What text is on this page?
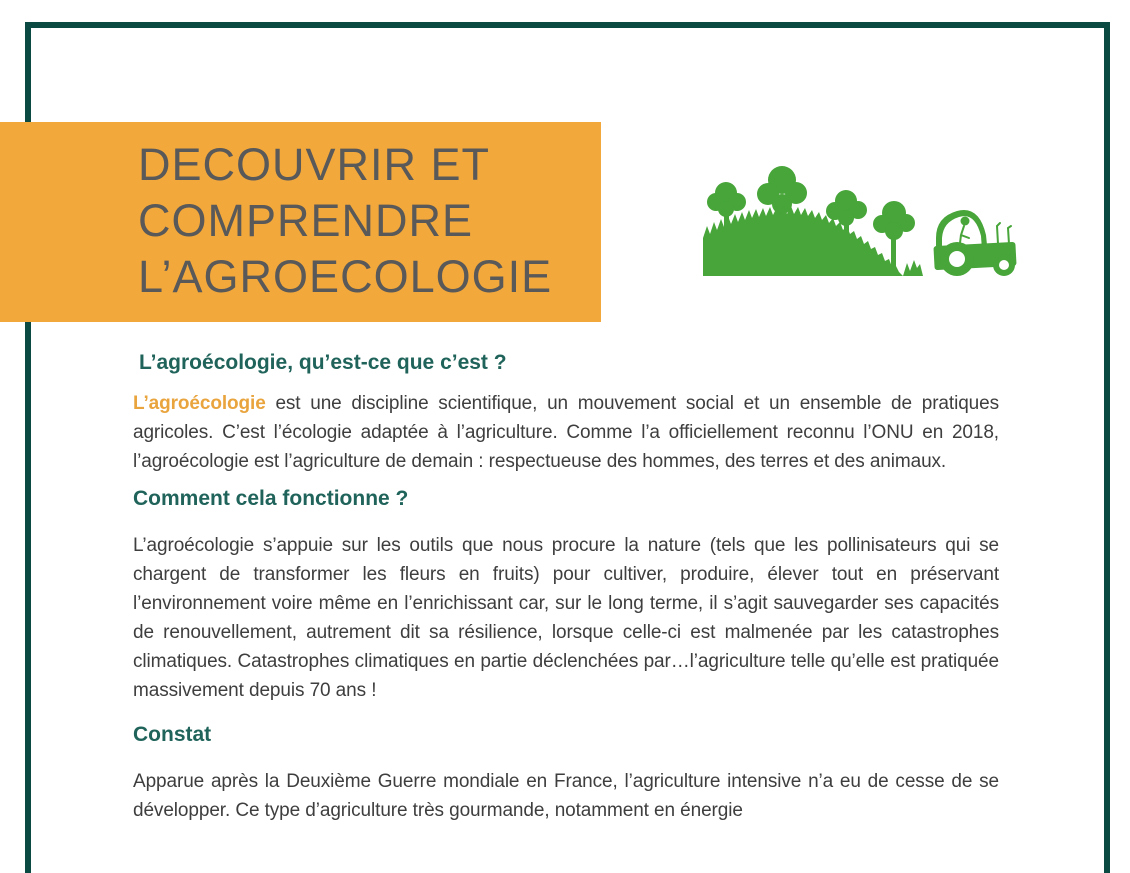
DECOUVRIR ET
COMPRENDRE
L’AGROECOLOGIE
L’agroécologie, qu’est-ce que c’est ?

L’agroécologie est une discipline scientifique, un mouvement social et un ensemble de pratiques agricoles. C’est l’écologie adaptée à l’agriculture. Comme l’a officiellement reconnu l’ONU en 2018, l’agroécologie est l’agriculture de demain : respectueuse des hommes, des terres et des animaux.

Comment cela fonctionne ?

L’agroécologie s’appuie sur les outils que nous procure la nature (tels que les pollinisateurs qui se chargent de transformer les fleurs en fruits) pour cultiver, produire, élever tout en préservant l’environnement voire même en l’enrichissant car, sur le long terme, il s’agit sauvegarder ses capacités de renouvellement, autrement dit sa résilience, lorsque celle-ci est malmenée par les catastrophes climatiques. Catastrophes climatiques en partie déclenchées par…l’agriculture telle qu’elle est pratiquée massivement depuis 70 ans !

Constat

Apparue après la Deuxième Guerre mondiale en France, l’agriculture intensive n’a eu de cesse de se développer. Ce type d’agriculture très gourmande, notamment en énergie
